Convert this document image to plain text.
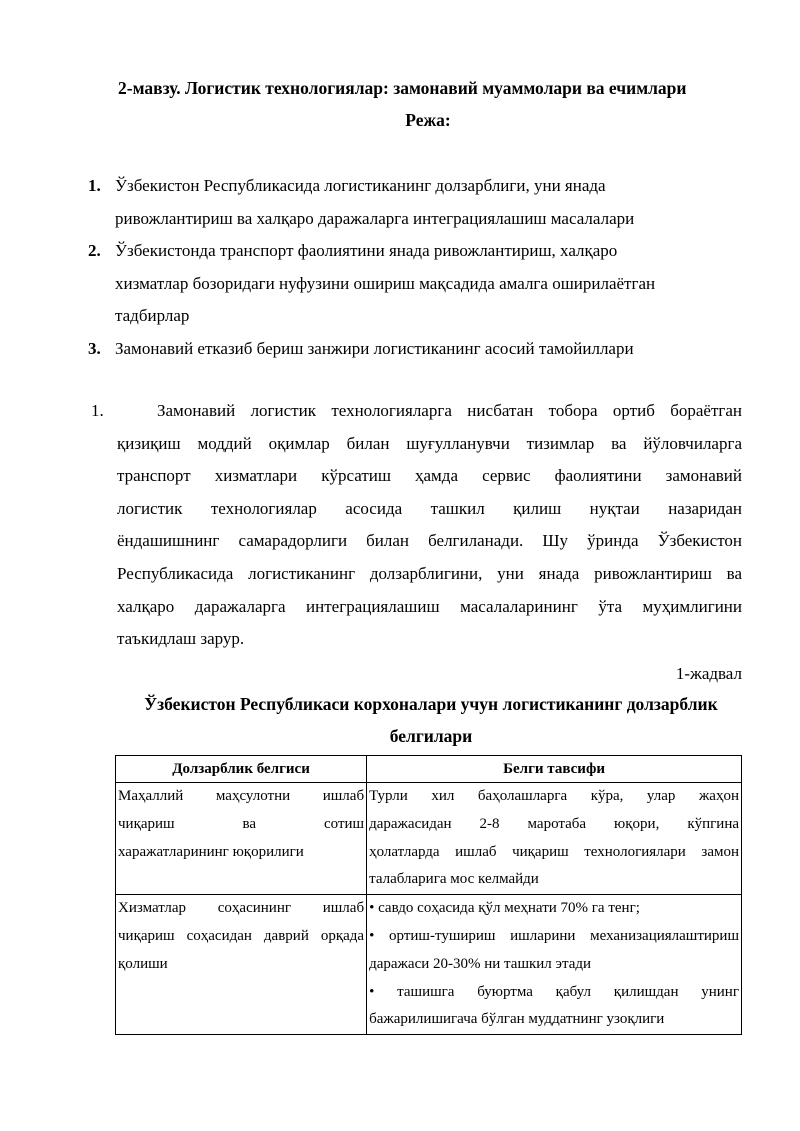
2-мавзу. Логистик технологиялар: замонавий муаммолари ва ечимлари
Режа:
1. Ўзбекистон Республикасида логистиканинг долзарблиги, уни янада
ривожлантириш ва халқаро даражаларга интеграциялашиш масалалари
2. Ўзбекистонда транспорт фаолиятини янада ривожлантириш, халқаро
хизматлар бозоридаги нуфузини ошириш мақсадида амалга оширилаётган
тадбирлар
3. Замонавий етказиб бериш занжири логистиканинг асосий тамойиллари
1.	Замонавий логистик технологияларга нисбатан тобора ортиб бораётган
қизиқиш моддий оқимлар билан шуғулланувчи тизимлар ва йўловчиларга
транспорт хизматлари кўрсатиш ҳамда сервис фаолиятини замонавий
логистик технологиялар асосида ташкил қилиш нуқтаи назаридан
ёндашишнинг самарадорлиги билан белгиланади. Шу ўринда Ўзбекистон
Республикасида логистиканинг долзарблигини, уни янада ривожлантириш ва
халқаро даражаларга интеграциялашиш масалаларининг ўта муҳимлигини
таъкидлаш зарур.
1-жадвал
Ўзбекистон Республикаси корхоналари учун логистиканинг долзарблик
белгилари
Долзарблик белгиси	Белги тавсифи

Маҳаллий маҳсулотни ишлаб
чиқариш ва сотиш
харажатларининг юқорилиги	Турли хил баҳолашларга кўра, улар жаҳон
даражасидан 2-8 маротаба юқори, кўпгина
ҳолатларда ишлаб чиқариш технологиялари замон
талабларига мос келмайди

Хизматлар соҳасининг ишлаб
чиқариш соҳасидан даврий орқада
қолиши	• савдо соҳасида қўл меҳнати 70% га тенг;
• ортиш-тушириш ишларини механизациялаштириш
даражаси 20-30% ни ташкил этади
• ташишга буюртма қабул қилишдан унинг
бажарилишигача бўлган муддатнинг узоқлиги
